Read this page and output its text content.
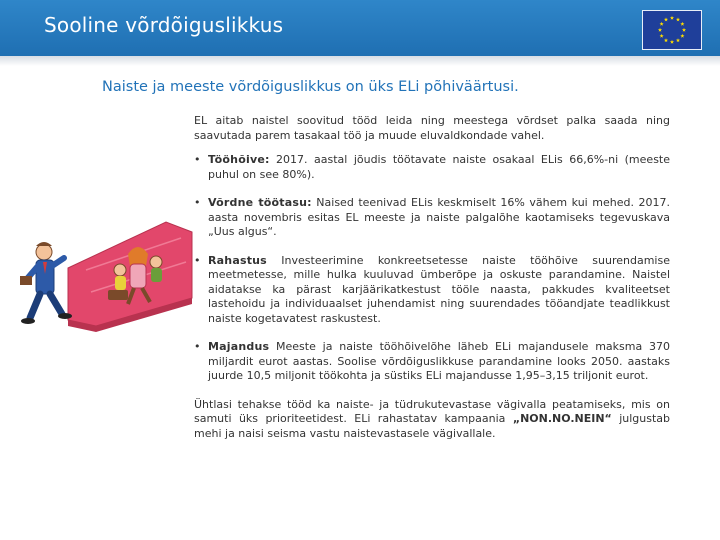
Sooline võrdõiguslikkus
Naiste ja meeste võrdõiguslikkus on üks ELi põhiväärtusi.

EL aitab naistel soovitud tööd leida ning meestega võrdset palka saada ning saavutada parem tasakaal töö ja muude eluvaldkondade vahel.

• Tööhõive: 2017. aastal jõudis töötavate naiste osakaal ELis 66,6%-ni (meeste puhul on see 80%).
• Võrdne töötasu: Naised teenivad ELis keskmiselt 16% vähem kui mehed. 2017. aasta novembris esitas EL meeste ja naiste palgalõhe kaotamiseks tegevuskava „Uus algus“.
• Rahastus Investeerimine konkreetsetesse naiste tööhõive suurendamise meetmetesse, mille hulka kuuluvad ümberõpe ja oskuste parandamine. Naistel aidatakse ka pärast karjäärikatkestust tööle naasta, pakkudes kvaliteetset lastehoidu ja individuaalset juhendamist ning suurendades tööandjate teadlikkust naiste kogetavatest raskustest.
• Majandus Meeste ja naiste tööhõivelõhe läheb ELi majandusele maksma 370 miljardit eurot aastas. Soolise võrdõiguslikkuse parandamine looks 2050. aastaks juurde 10,5 miljonit töökohta ja süstiks ELi majandusse 1,95–3,15 triljonit eurot.

Ühtlasi tehakse tööd ka naiste- ja tüdrukutevastase vägivalla peatamiseks, mis on samuti üks prioriteetidest. ELi rahastatav kampaania „NON.NO.NEIN“ julgustab mehi ja naisi seisma vastu naistevastasele vägivallale.
